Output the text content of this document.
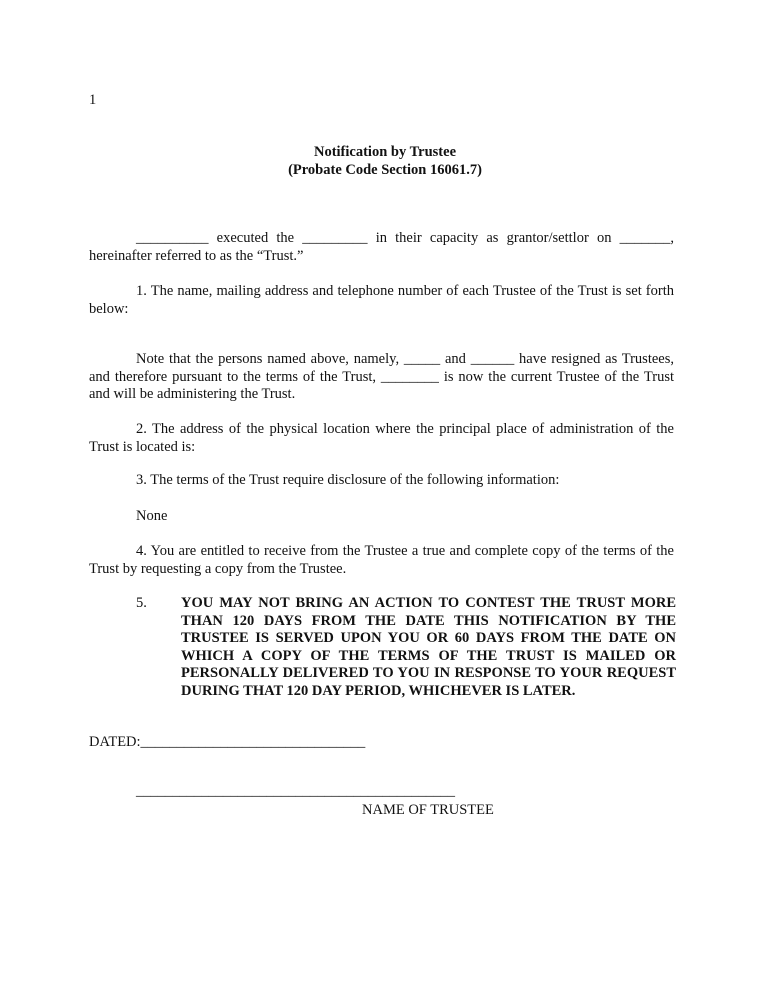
1
Notification by Trustee
(Probate Code Section 16061.7)
__________ executed the _________ in their capacity as grantor/settlor on _______, hereinafter referred to as the “Trust.”
1. The name, mailing address and telephone number of each Trustee of the Trust is set forth below:
Note that the persons named above, namely, _____ and ______ have resigned as Trustees, and therefore pursuant to the terms of the Trust, ________ is now the current Trustee of the Trust and will be administering the Trust.
2. The address of the physical location where the principal place of administration of the Trust is located is:
3. The terms of the Trust require disclosure of the following information:
None
4. You are entitled to receive from the Trustee a true and complete copy of the terms of the Trust by requesting a copy from the Trustee.
5. YOU MAY NOT BRING AN ACTION TO CONTEST THE TRUST MORE THAN 120 DAYS FROM THE DATE THIS NOTIFICATION BY THE TRUSTEE IS SERVED UPON YOU OR 60 DAYS FROM THE DATE ON WHICH A COPY OF THE TERMS OF THE TRUST IS MAILED OR PERSONALLY DELIVERED TO YOU IN RESPONSE TO YOUR REQUEST DURING THAT 120 DAY PERIOD, WHICHEVER IS LATER.
DATED:_______________________________
____________________________________________
NAME OF TRUSTEE
